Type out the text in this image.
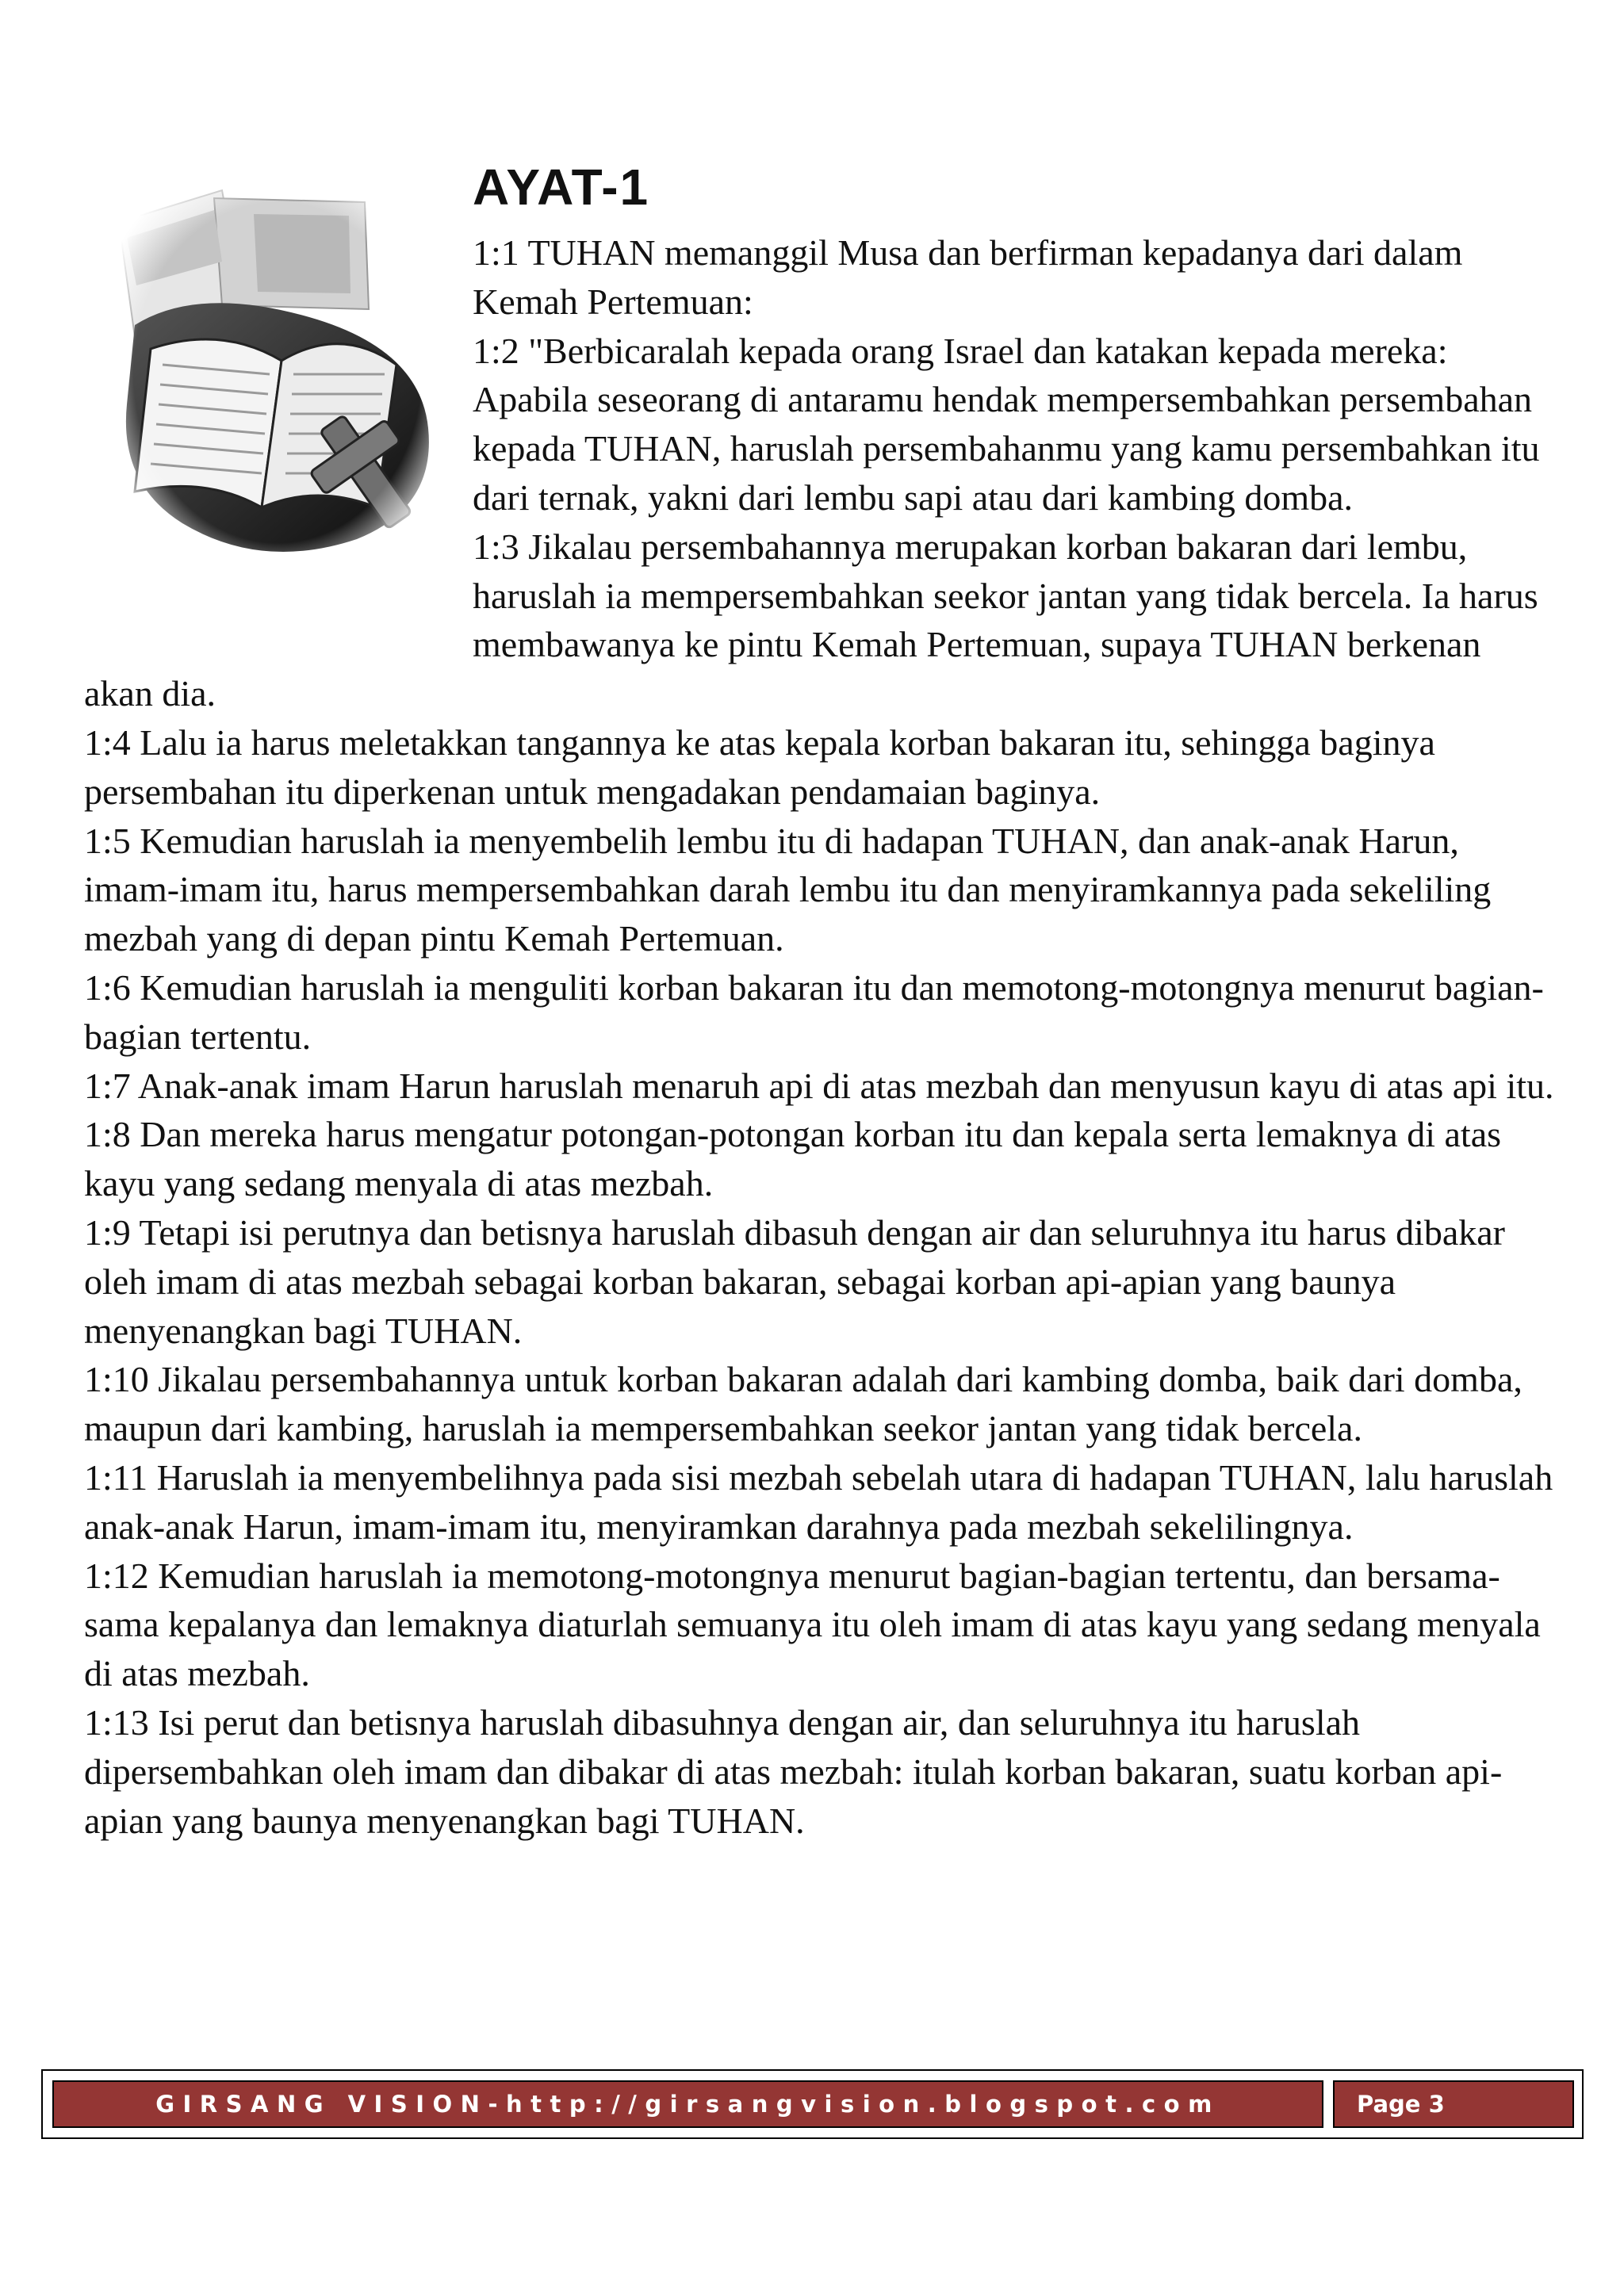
AYAT-1
1:1 TUHAN memanggil Musa dan berfirman kepadanya dari dalam Kemah Pertemuan:
1:2 "Berbicaralah kepada orang Israel dan katakan kepada mereka: Apabila seseorang di antaramu hendak mempersembahkan persembahan kepada TUHAN, haruslah persembahanmu yang kamu persembahkan itu dari ternak, yakni dari lembu sapi atau dari kambing domba.
1:3 Jikalau persembahannya merupakan korban bakaran dari lembu, haruslah ia mempersembahkan seekor jantan yang tidak bercela. Ia harus membawanya ke pintu Kemah Pertemuan, supaya TUHAN berkenan akan dia.
1:4 Lalu ia harus meletakkan tangannya ke atas kepala korban bakaran itu, sehingga baginya persembahan itu diperkenan untuk mengadakan pendamaian baginya.
1:5 Kemudian haruslah ia menyembelih lembu itu di hadapan TUHAN, dan anak-anak Harun, imam-imam itu, harus mempersembahkan darah lembu itu dan menyiramkannya pada sekeliling mezbah yang di depan pintu Kemah Pertemuan.
1:6 Kemudian haruslah ia menguliti korban bakaran itu dan memotong-motongnya menurut bagian-bagian tertentu.
1:7 Anak-anak imam Harun haruslah menaruh api di atas mezbah dan menyusun kayu di atas api itu.
1:8 Dan mereka harus mengatur potongan-potongan korban itu dan kepala serta lemaknya di atas kayu yang sedang menyala di atas mezbah.
1:9 Tetapi isi perutnya dan betisnya haruslah dibasuh dengan air dan seluruhnya itu harus dibakar oleh imam di atas mezbah sebagai korban bakaran, sebagai korban api-apian yang baunya menyenangkan bagi TUHAN.
1:10 Jikalau persembahannya untuk korban bakaran adalah dari kambing domba, baik dari domba, maupun dari kambing, haruslah ia mempersembahkan seekor jantan yang tidak bercela.
1:11 Haruslah ia menyembelihnya pada sisi mezbah sebelah utara di hadapan TUHAN, lalu haruslah anak-anak Harun, imam-imam itu, menyiramkan darahnya pada mezbah sekelilingnya.
1:12 Kemudian haruslah ia memotong-motongnya menurut bagian-bagian tertentu, dan bersama-sama kepalanya dan lemaknya diaturlah semuanya itu oleh imam di atas kayu yang sedang menyala di atas mezbah.
1:13 Isi perut dan betisnya haruslah dibasuhnya dengan air, dan seluruhnya itu haruslah dipersembahkan oleh imam dan dibakar di atas mezbah: itulah korban bakaran, suatu korban api-apian yang baunya menyenangkan bagi TUHAN.
GIRSANG VISION-http://girsangvision.blogspot.com	Page 3
